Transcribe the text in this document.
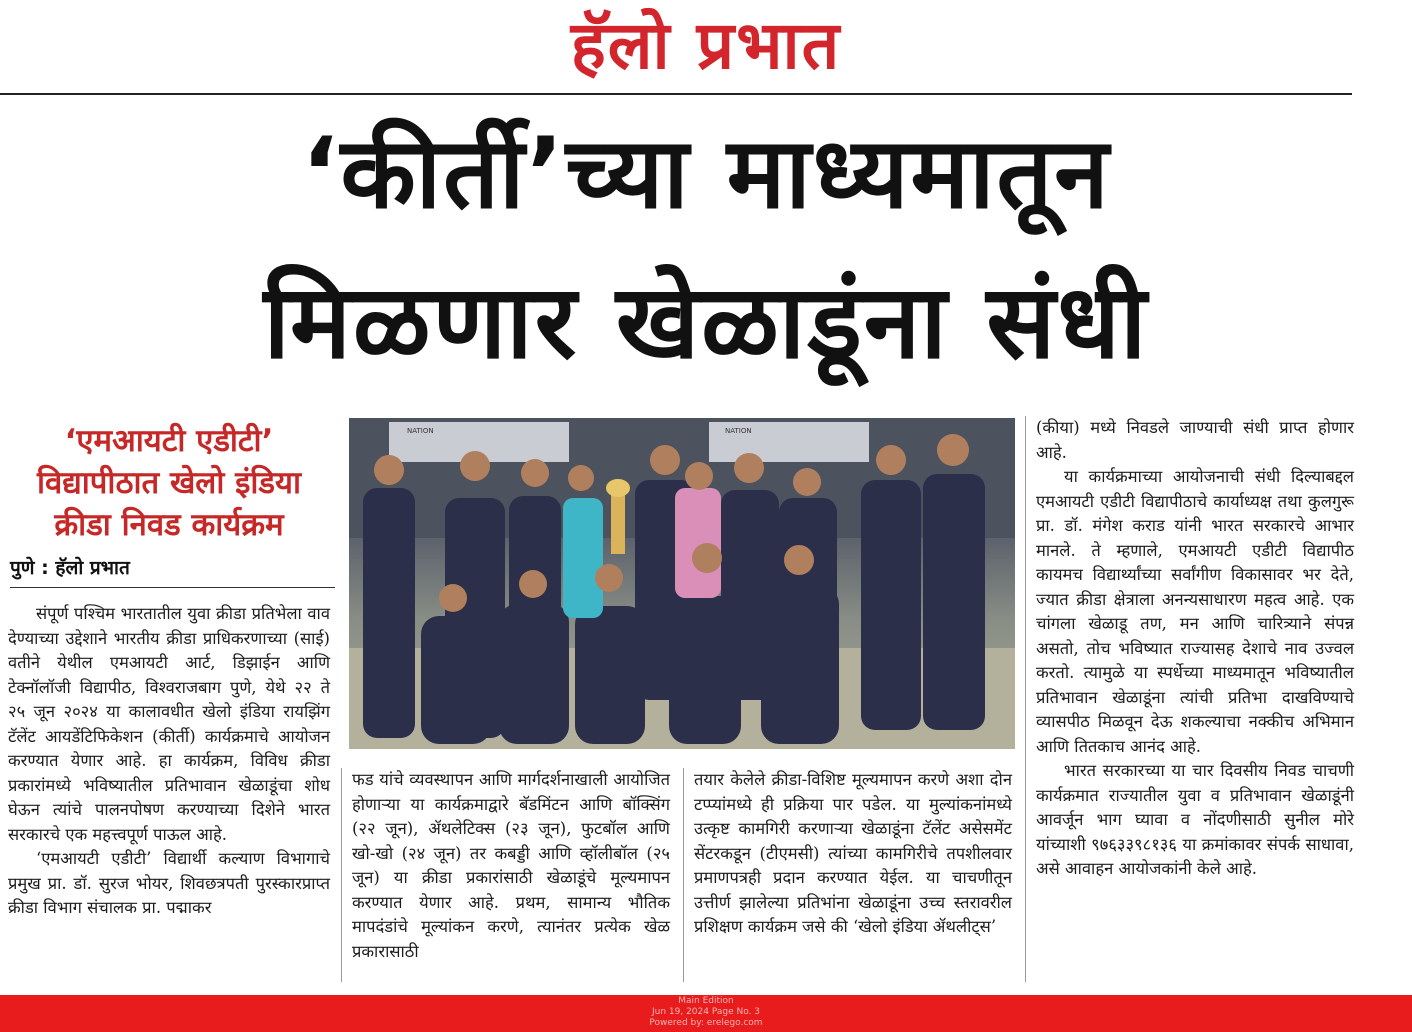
हॅलो प्रभात
‘कीर्ती’च्या माध्यमातून
मिळणार खेळाडूंना संधी
‘एमआयटी एडीटी’
विद्यापीठात खेलो इंडिया
क्रीडा निवड कार्यक्रम
पुणे : हॅलो प्रभात

संपूर्ण पश्चिम भारतातील युवा क्रीडा प्रतिभेला वाव देण्याच्या उद्देशाने भारतीय क्रीडा प्राधिकरणाच्या (साई) वतीने येथील एमआयटी आर्ट, डिझाईन आणि टेक्नॉलॉजी विद्यापीठ, विश्वराजबाग पुणे, येथे २२ ते २५ जून २०२४ या कालावधीत खेलो इंडिया रायझिंग टॅलेंट आयडेंटिफिकेशन (कीर्ती) कार्यक्रमाचे आयोजन करण्यात येणार आहे. हा कार्यक्रम, विविध क्रीडा प्रकारांमध्ये भविष्यातील प्रतिभावान खेळाडूंचा शोध घेऊन त्यांचे पालनपोषण करण्याच्या दिशेने भारत सरकारचे एक महत्त्वपूर्ण पाऊल आहे.

‘एमआयटी एडीटी’ विद्यार्थी कल्याण विभागाचे प्रमुख प्रा. डॉ. सुरज भोयर, शिवछत्रपती पुरस्कारप्राप्त क्रीडा विभाग संचालक प्रा. पद्माकर

NATION	NATION

फड यांचे व्यवस्थापन आणि मार्गदर्शनाखाली आयोजित होणाऱ्या या कार्यक्रमाद्वारे बॅडमिंटन आणि बॉक्सिंग (२२ जून), ॲथलेटिक्स (२३ जून), फुटबॉल आणि खो-खो (२४ जून) तर कबड्डी आणि व्हॉलीबॉल (२५ जून) या क्रीडा प्रकारांसाठी खेळाडूंचे मूल्यमापन करण्यात येणार आहे. प्रथम, सामान्य भौतिक मापदंडांचे मूल्यांकन करणे, त्यानंतर प्रत्येक खेळ प्रकारासाठी

तयार केलेले क्रीडा-विशिष्ट मूल्यमापन करणे अशा दोन टप्प्यांमध्ये ही प्रक्रिया पार पडेल. या मुल्यांकनांमध्ये उत्कृष्ट कामगिरी करणाऱ्या खेळाडूंना टॅलेंट असेसमेंट सेंटरकडून (टीएमसी) त्यांच्या कामगिरीचे तपशीलवार प्रमाणपत्रही प्रदान करण्यात येईल. या चाचणीतून उत्तीर्ण झालेल्या प्रतिभांना खेळाडूंना उच्च स्तरावरील प्रशिक्षण कार्यक्रम जसे की ‘खेलो इंडिया ॲथलीट्स’

(कीया) मध्ये निवडले जाण्याची संधी प्राप्त होणार आहे.

या कार्यक्रमाच्या आयोजनाची संधी दिल्याबद्दल एमआयटी एडीटी विद्यापीठाचे कार्याध्यक्ष तथा कुलगुरू प्रा. डॉ. मंगेश कराड यांनी भारत सरकारचे आभार मानले. ते म्हणाले, एमआयटी एडीटी विद्यापीठ कायमच विद्यार्थ्यांच्या सर्वांगीण विकासावर भर देते, ज्यात क्रीडा क्षेत्राला अनन्यसाधारण महत्व आहे. एक चांगला खेळाडू तण, मन आणि चारित्र्याने संपन्न असतो, तोच भविष्यात राज्यासह देशाचे नाव उज्वल करतो. त्यामुळे या स्पर्धेच्या माध्यमातून भविष्यातील प्रतिभावान खेळाडूंना त्यांची प्रतिभा दाखविण्याचे व्यासपीठ मिळवून देऊ शकल्याचा नक्कीच अभिमान आणि तितकाच आनंद आहे.

भारत सरकारच्या या चार दिवसीय निवड चाचणी कार्यक्रमात राज्यातील युवा व प्रतिभावान खेळाडूंनी आवर्जून भाग घ्यावा व नोंदणीसाठी सुनील मोरे यांच्याशी ९७६३३९८१३६ या क्रमांकावर संपर्क साधावा, असे आवाहन आयोजकांनी केले आहे.

Main Edition
Jun 19, 2024 Page No. 3
Powered by: erelego.com
